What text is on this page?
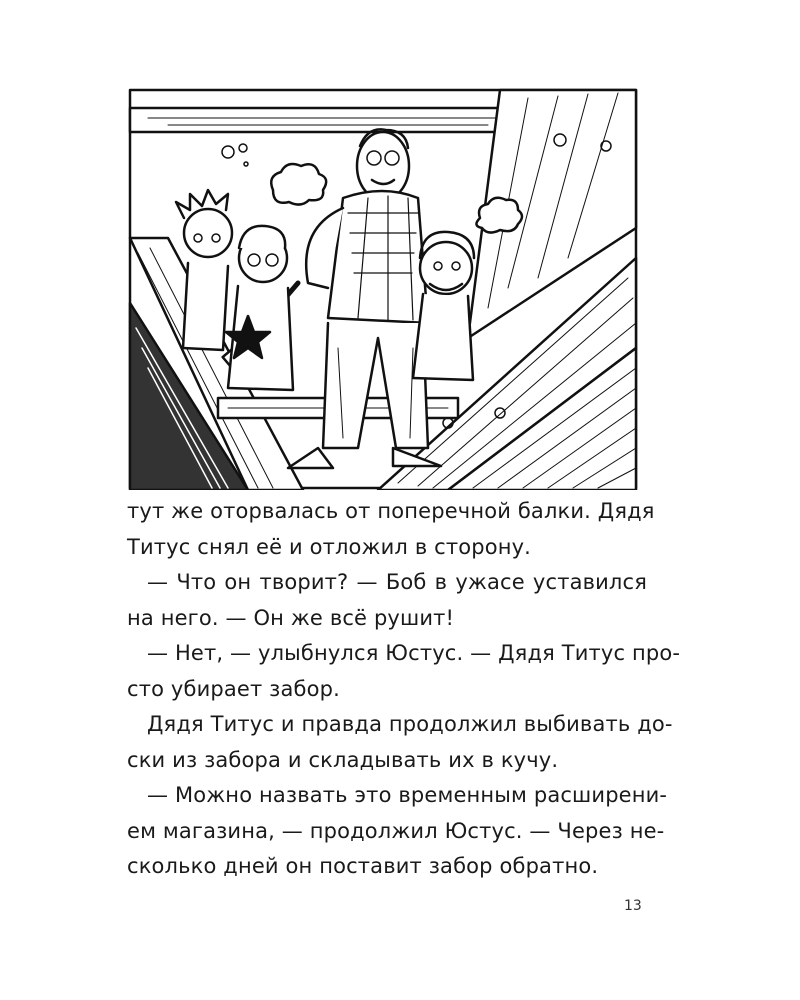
тут же оторвалась от поперечной балки. Дядя
Титус снял её и отложил в сторону.
— Что он творит? — Боб в ужасе уставился
на него. — Он же всё рушит!
— Нет, — улыбнулся Юстус. — Дядя Титус про-
сто убирает забор.
Дядя Титус и правда продолжил выбивать до-
ски из забора и складывать их в кучу.
— Можно назвать это временным расширени-
ем магазина, — продолжил Юстус. — Через не-
сколько дней он поставит забор обратно.
13
